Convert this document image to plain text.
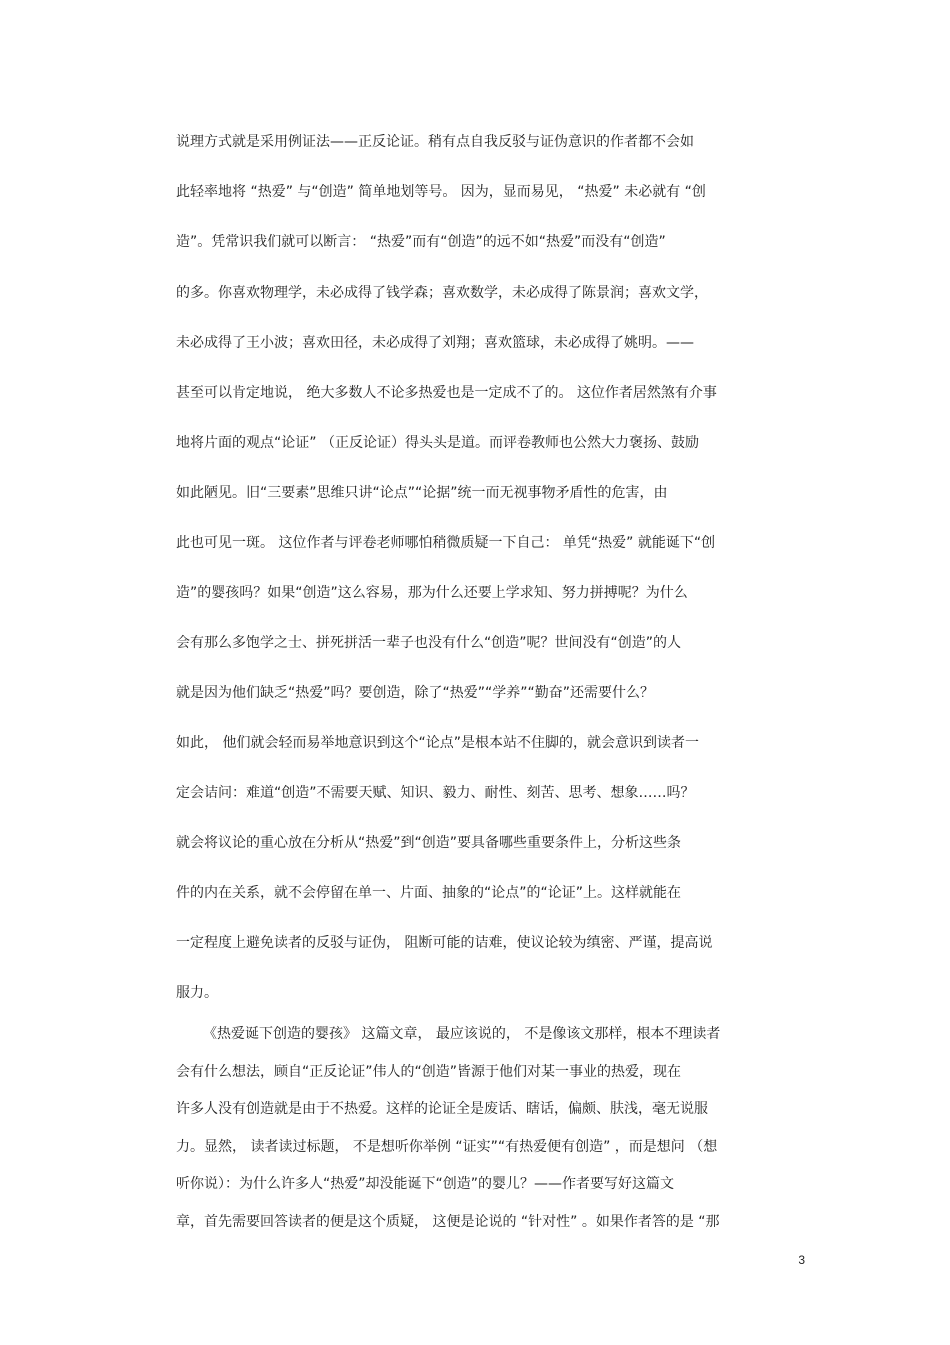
说理方式就是采用例证法——正反论证。稍有点自我反驳与证伪意识的作者都不会如

此轻率地将 “热爱” 与“创造” 简单地划等号。 因为，显而易见， “热爱” 未必就有 “创

造”。凭常识我们就可以断言： “热爱”而有“创造”的远不如“热爱”而没有“创造”

的多。你喜欢物理学，未必成得了钱学森；喜欢数学，未必成得了陈景润；喜欢文学，

未必成得了王小波；喜欢田径，未必成得了刘翔；喜欢篮球，未必成得了姚明。——

甚至可以肯定地说， 绝大多数人不论多热爱也是一定成不了的。 这位作者居然煞有介事

地将片面的观点“论证” （正反论证）得头头是道。而评卷教师也公然大力褒扬、鼓励

如此陋见。旧“三要素”思维只讲“论点”“论据”统一而无视事物矛盾性的危害，由

此也可见一斑。 这位作者与评卷老师哪怕稍微质疑一下自己： 单凭“热爱” 就能诞下“创

造”的婴孩吗？如果“创造”这么容易，那为什么还要上学求知、努力拼搏呢？为什么

会有那么多饱学之士、拼死拼活一辈子也没有什么“创造”呢？世间没有“创造”的人

就是因为他们缺乏“热爱”吗？要创造，除了“热爱”“学养”“勤奋”还需要什么？

如此， 他们就会轻而易举地意识到这个“论点”是根本站不住脚的，就会意识到读者一

定会诘问：难道“创造”不需要天赋、知识、毅力、耐性、刻苦、思考、想象……吗？

就会将议论的重心放在分析从“热爱”到“创造”要具备哪些重要条件上，分析这些条

件的内在关系，就不会停留在单一、片面、抽象的“论点”的“论证”上。这样就能在

一定程度上避免读者的反驳与证伪， 阻断可能的诘难，使议论较为缜密、严谨，提高说

服力。

《热爱诞下创造的婴孩》 这篇文章， 最应该说的， 不是像该文那样，根本不理读者

会有什么想法，顾自“正反论证”伟人的“创造”皆源于他们对某一事业的热爱，现在

许多人没有创造就是由于不热爱。这样的论证全是废话、瞎话，偏颇、肤浅，毫无说服

力。显然， 读者读过标题， 不是想听你举例 “证实”“有热爱便有创造” ，而是想问 （想

听你说）：为什么许多人“热爱”却没能诞下“创造”的婴儿？——作者要写好这篇文

章，首先需要回答读者的便是这个质疑， 这便是论说的 “针对性” 。如果作者答的是 “那

3
